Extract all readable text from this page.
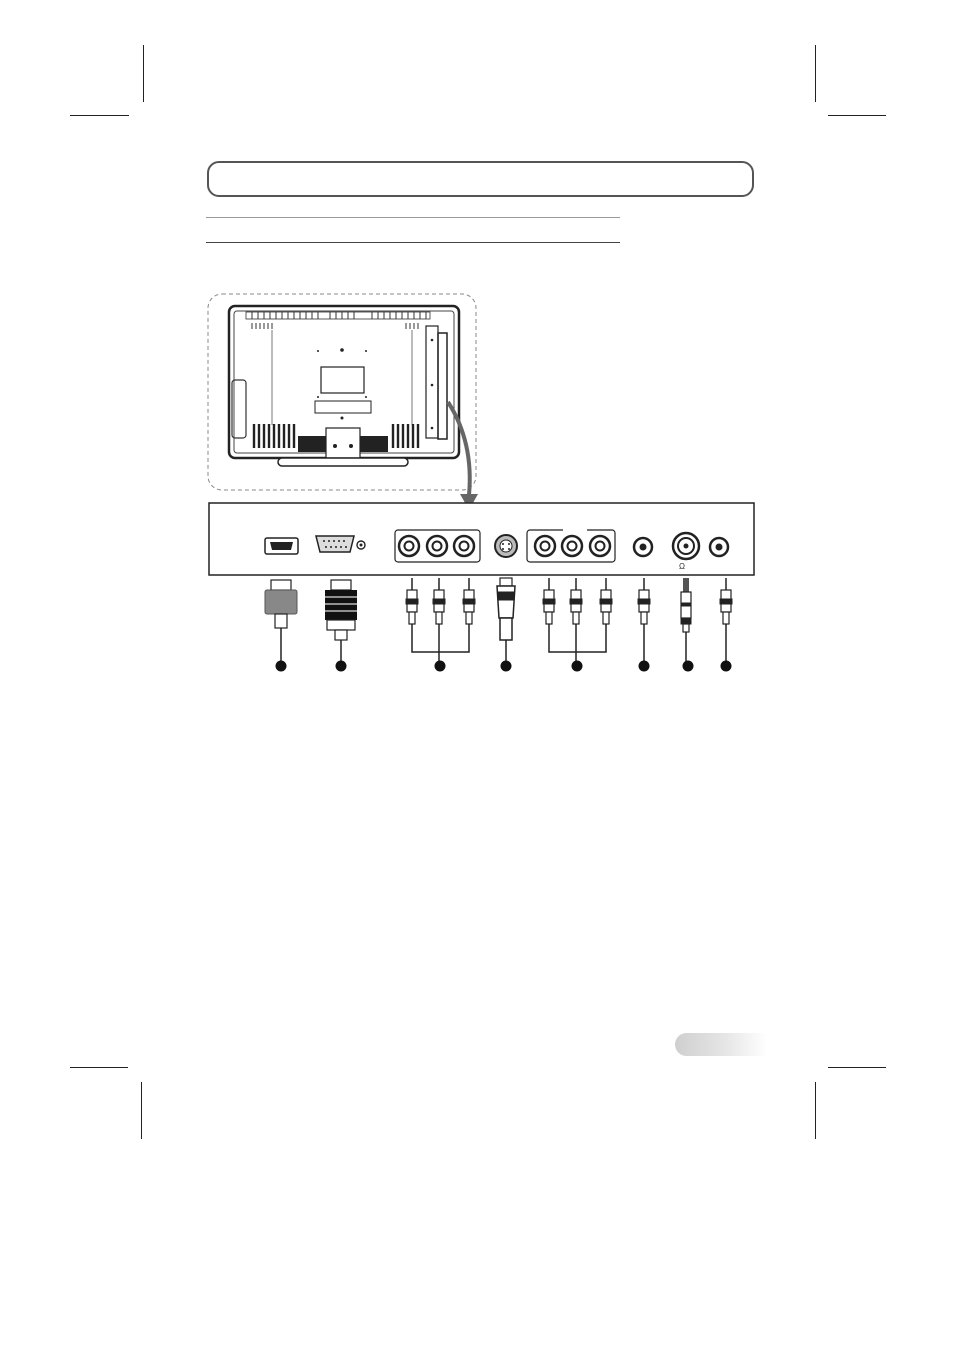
Ω
